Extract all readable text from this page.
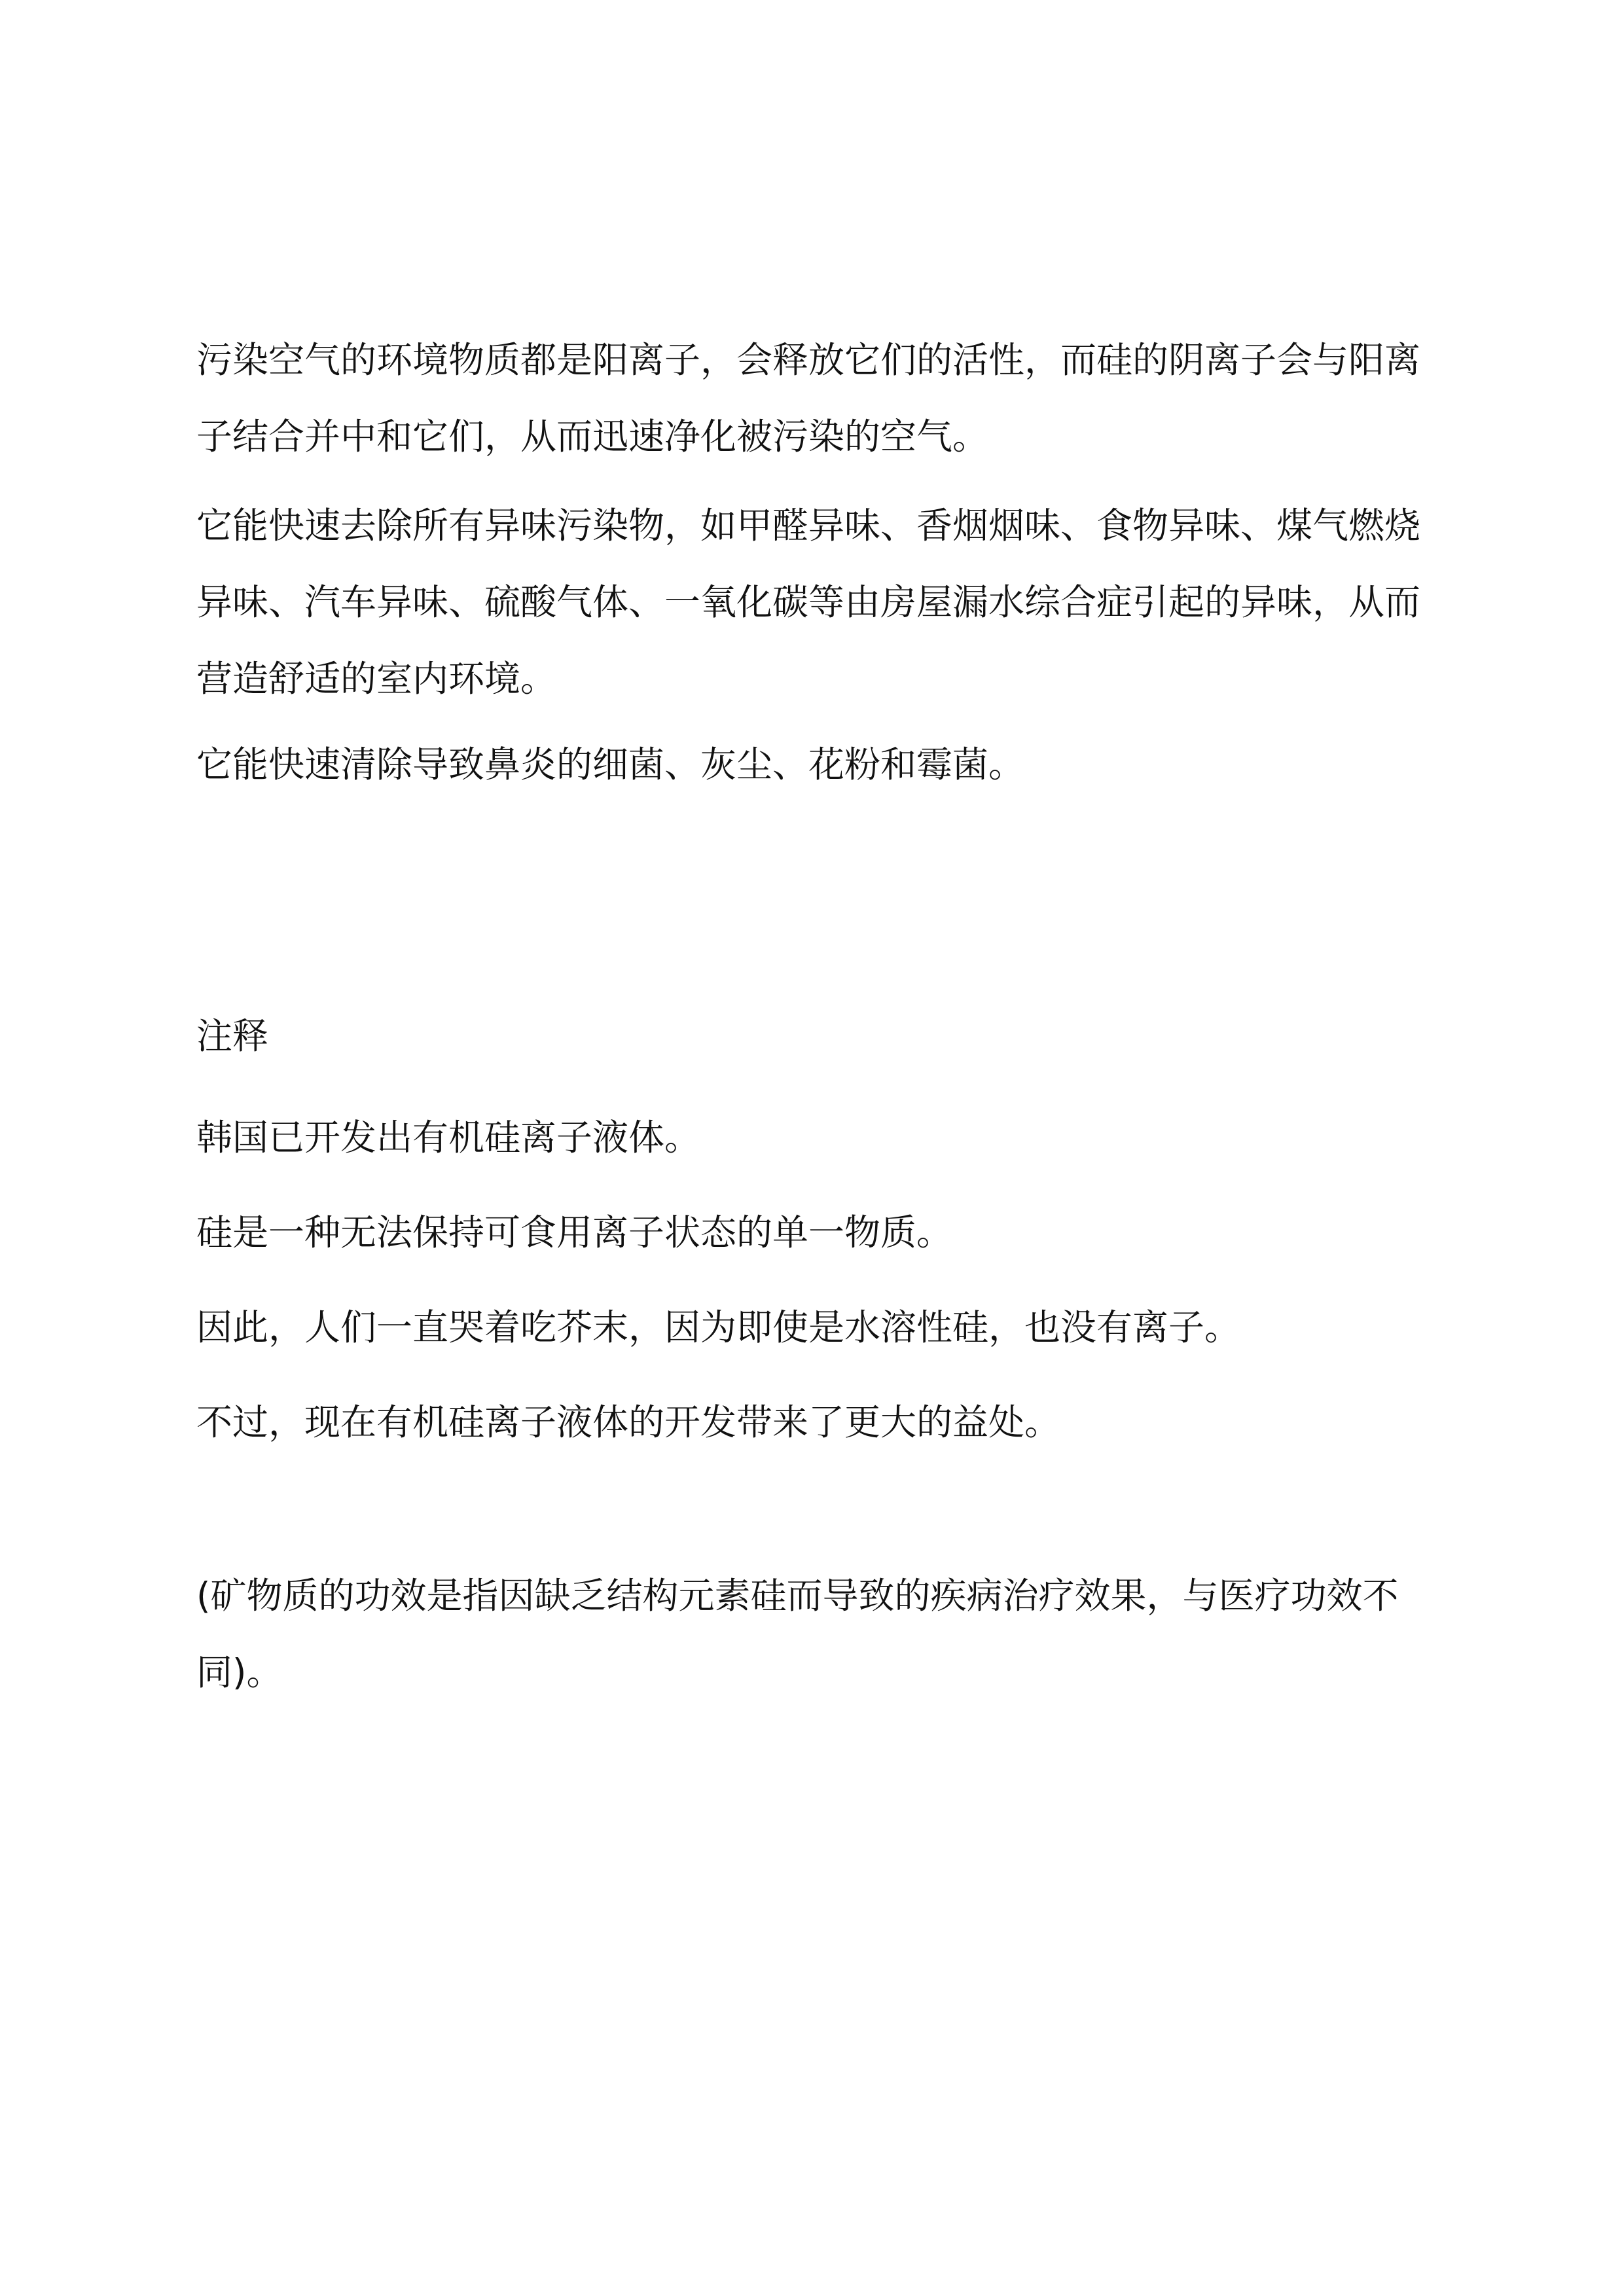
污染空气的环境物质都是阳离子，会释放它们的活性，而硅的阴离子会与阳离子结合并中和它们，从而迅速净化被污染的空气。

它能快速去除所有异味污染物，如甲醛异味、香烟烟味、食物异味、煤气燃烧异味、汽车异味、硫酸气体、一氧化碳等由房屋漏水综合症引起的异味，从而营造舒适的室内环境。

它能快速清除导致鼻炎的细菌、灰尘、花粉和霉菌。

注释

韩国已开发出有机硅离子液体。

硅是一种无法保持可食用离子状态的单一物质。

因此，人们一直哭着吃芥末，因为即使是水溶性硅，也没有离子。

不过，现在有机硅离子液体的开发带来了更大的益处。

(矿物质的功效是指因缺乏结构元素硅而导致的疾病治疗效果，与医疗功效不同)。
